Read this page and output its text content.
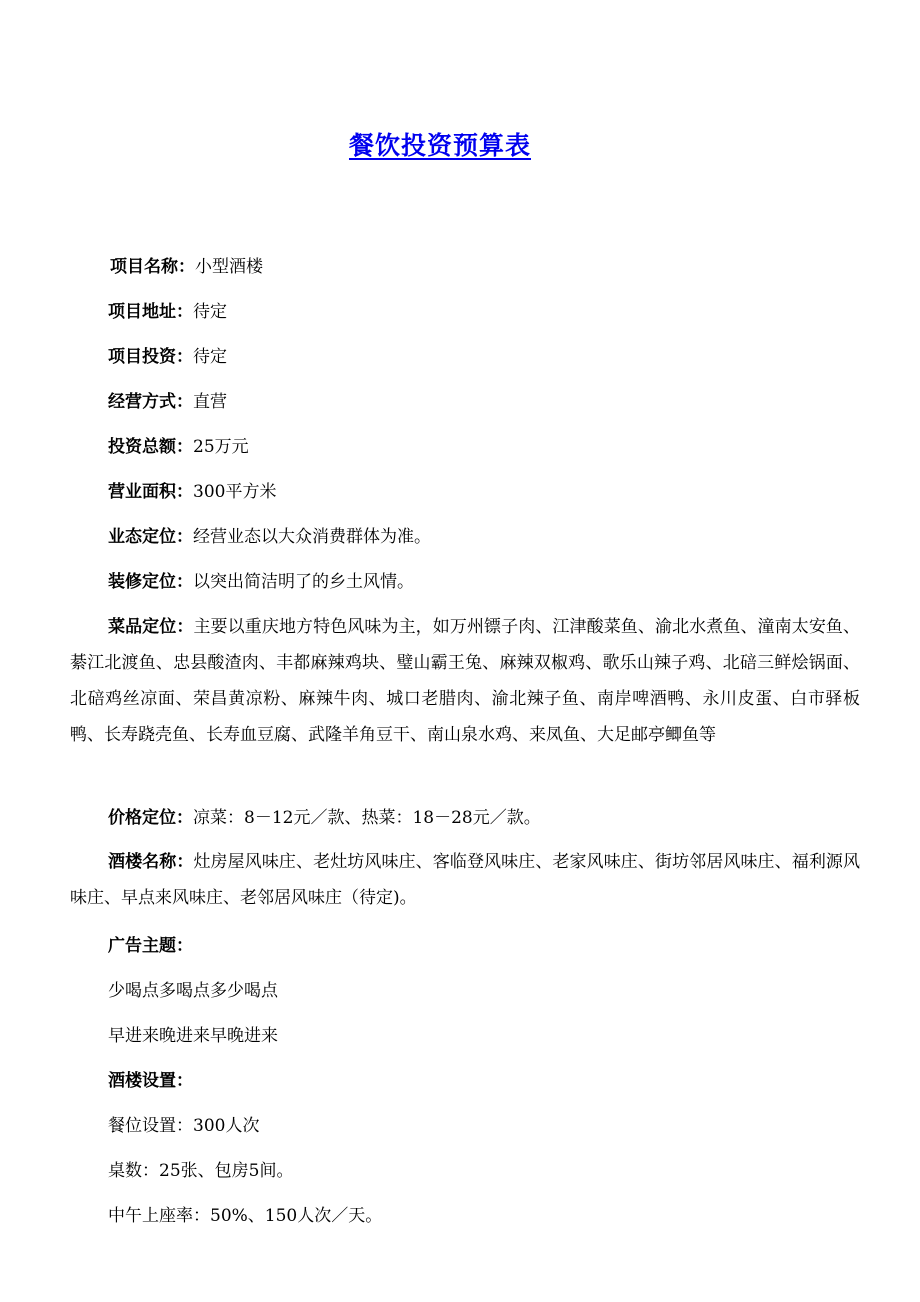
餐饮投资预算表
项目名称：小型酒楼
项目地址：待定
项目投资：待定
经营方式：直营
投资总额：25万元
营业面积：300平方米
业态定位：经营业态以大众消费群体为准。
装修定位：以突出简洁明了的乡土风情。
菜品定位：主要以重庆地方特色风味为主，如万州镖子肉、江津酸菜鱼、渝北水煮鱼、潼南太安鱼、綦江北渡鱼、忠县酸渣肉、丰都麻辣鸡块、璧山霸王兔、麻辣双椒鸡、歌乐山辣子鸡、北碚三鲜烩锅面、北碚鸡丝凉面、荣昌黄凉粉、麻辣牛肉、城口老腊肉、渝北辣子鱼、南岸啤酒鸭、永川皮蛋、白市驿板鸭、长寿跷壳鱼、长寿血豆腐、武隆羊角豆干、南山泉水鸡、来凤鱼、大足邮亭鲫鱼等
价格定位：凉菜：8－12元／款、热菜：18－28元／款。
酒楼名称：灶房屋风味庄、老灶坊风味庄、客临登风味庄、老家风味庄、街坊邻居风味庄、福利源风味庄、早点来风味庄、老邻居风味庄（待定)。
广告主题：
少喝点多喝点多少喝点
早进来晚进来早晚进来
酒楼设置：
餐位设置：300人次
桌数：25张、包房5间。
中午上座率：50%、150人次／天。
